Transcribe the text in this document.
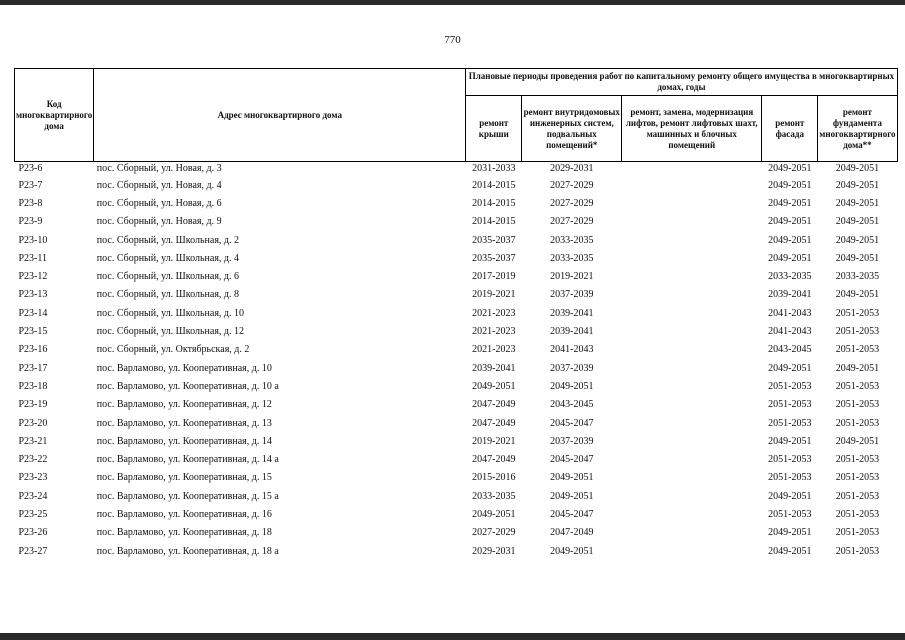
770
Код многоквартирного дома	Адрес многоквартирного дома	Плановые периоды проведения работ по капитальному ремонту общего имущества в многоквартирных домах, годы				
		ремонт крыши	ремонт внутридомовых инженерных систем, подвальных помещений*	ремонт, замена, модернизация лифтов, ремонт лифтовых шахт, машинных и блочных помещений	ремонт фасада	ремонт фундамента многоквартирного дома**
Р23-6	пос. Сборный, ул. Новая, д. 3	2031-2033	2029-2031		2049-2051	2049-2051
Р23-7	пос. Сборный, ул. Новая, д. 4	2014-2015	2027-2029		2049-2051	2049-2051
Р23-8	пос. Сборный, ул. Новая, д. 6	2014-2015	2027-2029		2049-2051	2049-2051
Р23-9	пос. Сборный, ул. Новая, д. 9	2014-2015	2027-2029		2049-2051	2049-2051
Р23-10	пос. Сборный, ул. Школьная, д. 2	2035-2037	2033-2035		2049-2051	2049-2051
Р23-11	пос. Сборный, ул. Школьная, д. 4	2035-2037	2033-2035		2049-2051	2049-2051
Р23-12	пос. Сборный, ул. Школьная, д. 6	2017-2019	2019-2021		2033-2035	2033-2035
Р23-13	пос. Сборный, ул. Школьная, д. 8	2019-2021	2037-2039		2039-2041	2049-2051
Р23-14	пос. Сборный, ул. Школьная, д. 10	2021-2023	2039-2041		2041-2043	2051-2053
Р23-15	пос. Сборный, ул. Школьная, д. 12	2021-2023	2039-2041		2041-2043	2051-2053
Р23-16	пос. Сборный, ул. Октябрьская, д. 2	2021-2023	2041-2043		2043-2045	2051-2053
Р23-17	пос. Варламово, ул. Кооперативная, д. 10	2039-2041	2037-2039		2049-2051	2049-2051
Р23-18	пос. Варламово, ул. Кооперативная, д. 10 а	2049-2051	2049-2051		2051-2053	2051-2053
Р23-19	пос. Варламово, ул. Кооперативная, д. 12	2047-2049	2043-2045		2051-2053	2051-2053
Р23-20	пос. Варламово, ул. Кооперативная, д. 13	2047-2049	2045-2047		2051-2053	2051-2053
Р23-21	пос. Варламово, ул. Кооперативная, д. 14	2019-2021	2037-2039		2049-2051	2049-2051
Р23-22	пос. Варламово, ул. Кооперативная, д. 14 а	2047-2049	2045-2047		2051-2053	2051-2053
Р23-23	пос. Варламово, ул. Кооперативная, д. 15	2015-2016	2049-2051		2051-2053	2051-2053
Р23-24	пос. Варламово, ул. Кооперативная, д. 15 а	2033-2035	2049-2051		2049-2051	2051-2053
Р23-25	пос. Варламово, ул. Кооперативная, д. 16	2049-2051	2045-2047		2051-2053	2051-2053
Р23-26	пос. Варламово, ул. Кооперативная, д. 18	2027-2029	2047-2049		2049-2051	2051-2053
Р23-27	пос. Варламово, ул. Кооперативная, д. 18 а	2029-2031	2049-2051		2049-2051	2051-2053
